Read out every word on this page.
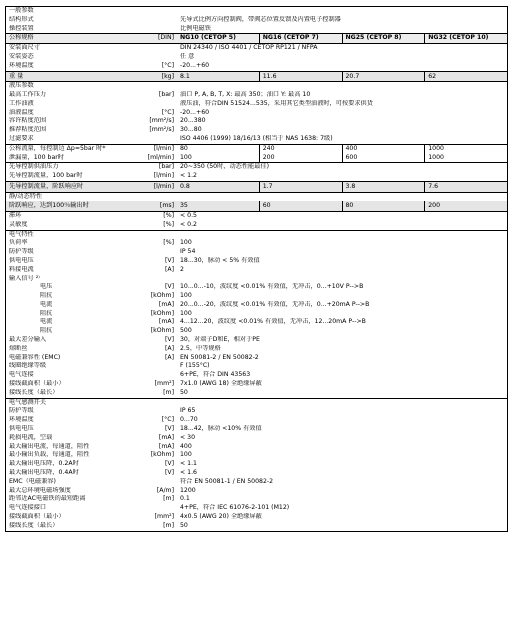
一般参数
结构形式	先导式比例方向控制阀，带阀芯位置反馈及内置电子控制器
操控装置	比例电磁铁
公称规格	[DIN] NG10 (CETOP 5)	NG16 (CETOP 7)	NG25 (CETOP 8)	NG32 (CETOP 10)
安装面尺寸	DIN 24340 / ISO 4401 / CETOP RP121 / NFPA
安装姿态	任 意
环境温度	[°C] -20...+60
重 量	[kg] 8.1	11.6	20.7	62
液压参数
最高工作压力	[bar] 油口 P, A, B, T, X: 最高 350；油口 Y: 最高 10
工作油液	液压油，符合DIN 51524...535，采用其它类型油液时，可按要求供货
油液温度	[°C] -20...+60
容许粘度范围	[mm²/s] 20...380
推荐粘度范围	[mm²/s] 30...80
过滤要求	ISO 4406 (1999) 18/16/13 (相当于 NAS 1638: 7级)
公称流量，每控制边 Δp=5bar 时*	[l/min] 80	240	400	1000
泄漏量，100 bar时	[ml/min] 100	200	600	1000
先导控制供油压力	[bar] 20~350 (50时，动态性能最佳)
先导控制流量，100 bar时	[l/min] < 1.2
先导控制流量，阶跃响应时	[l/min] 0.8	1.7	3.8	7.6
静/动态特性
阶跃响应，达到100％输出时	[ms] 35	60	80	200
滞环	[%] < 0.5
灵敏度	[%] < 0.2
电气特性
负荷率	[%] 100
防护等级	IP 54
供电电压	[V] 18...30，脉动 < 5% 有效值
料接电流	[A] 2
输入信号 ²⁾
电压	[V] 10...0...-10，波纹度 <0.01% 有效值，无冲击，0...+10V P-->B
阻抗	[kOhm] 100
电流	[mA] 20...0...-20，波纹度 <0.01% 有效值，无冲击，0...+20mA P-->B
阻抗	[kOhm] 100
电流	[mA] 4...12...20，波纹度 <0.01% 有效值，无冲击，12...20mA P-->B
阻抗	[kOhm] 500
最大差分输入	[V] 30，对端子D和E，相对于PE
熔断丝	[A] 2.5，中等规格
电磁兼容性 (EMC)	[A] EN 50081-2 / EN 50082-2
线圈绝缘等级	F (155°C)
电气连接	6+PE，符合 DIN 43563
接线截面积（最小）	[mm²] 7x1.0 (AWG 18) 全绝缘屏蔽
接线长度（最长）	[m] 50
电气感测开关
防护等级	IP 65
环境温度	[°C] 0...70
供电电压	[V] 18...42，脉动 <10% 有效值
耗损电流，空载	[mA] < 30
最大输出电流，每通道，阻性	[mA] 400
最小输出负载，每通道，阻性	[kOhm] 100
最大输出电压降，0.2A时	[V] < 1.1
最大输出电压降，0.4A时	[V] < 1.6
EMC（电磁兼容)	符合 EN 50081-1 / EN 50082-2
最大总环境电磁场强度	[A/m] 1200
距邻近AC电磁铁的最短距离	[m] 0.1
电气连接接口	4+PE，符合 IEC 61076-2-101 (M12)
接线截面积（最小）	[mm²] 4x0.5 (AWG 20) 全绝缘屏蔽
接线长度（最长）	[m] 50
